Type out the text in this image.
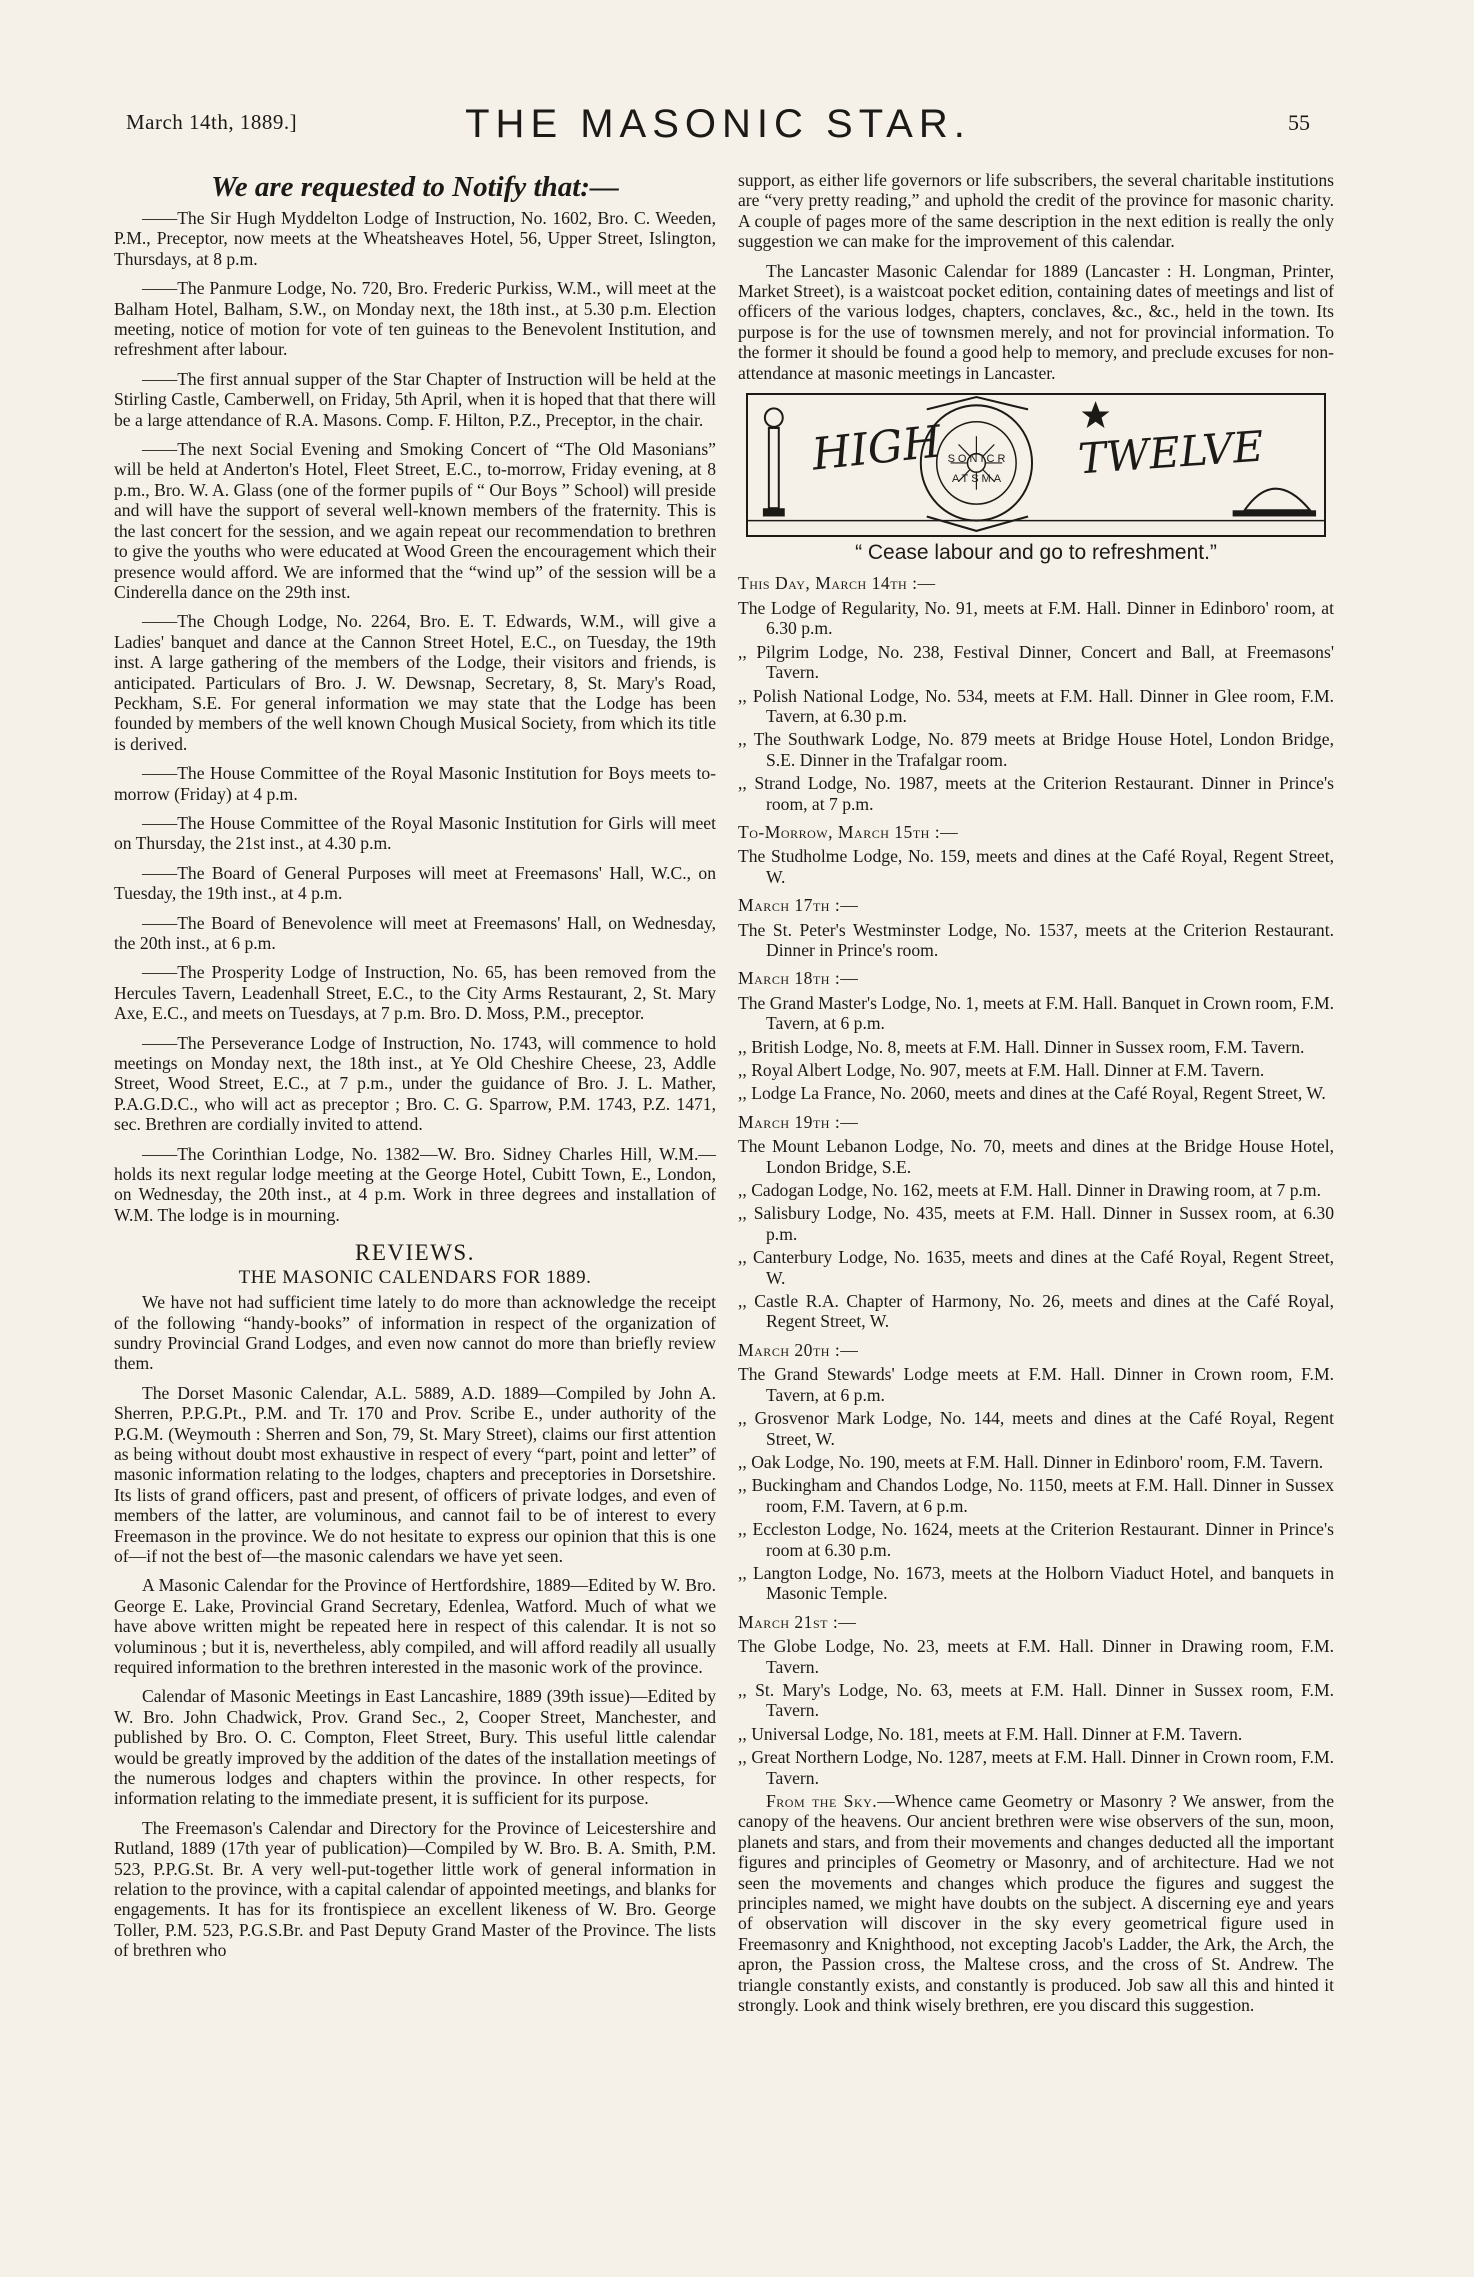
March 14th, 1889.]	THE MASONIC STAR.	55
We are requested to Notify that:—

——The Sir Hugh Myddelton Lodge of Instruction, No. 1602, Bro. C. Weeden, P.M., Preceptor, now meets at the Wheatsheaves Hotel, 56, Upper Street, Islington, Thursdays, at 8 p.m.

——The Panmure Lodge, No. 720, Bro. Frederic Purkiss, W.M., will meet at the Balham Hotel, Balham, S.W., on Monday next, the 18th inst., at 5.30 p.m. Election meeting, notice of motion for vote of ten guineas to the Benevolent Institution, and refreshment after labour.

——The first annual supper of the Star Chapter of Instruction will be held at the Stirling Castle, Camberwell, on Friday, 5th April, when it is hoped that that there will be a large attendance of R.A. Masons. Comp. F. Hilton, P.Z., Preceptor, in the chair.

——The next Social Evening and Smoking Concert of “The Old Masonians” will be held at Anderton's Hotel, Fleet Street, E.C., to-morrow, Friday evening, at 8 p.m., Bro. W. A. Glass (one of the former pupils of “ Our Boys ” School) will preside and will have the support of several well-known members of the fraternity. This is the last concert for the session, and we again repeat our recommendation to brethren to give the youths who were educated at Wood Green the encouragement which their presence would afford. We are informed that the “wind up” of the session will be a Cinderella dance on the 29th inst.

——The Chough Lodge, No. 2264, Bro. E. T. Edwards, W.M., will give a Ladies' banquet and dance at the Cannon Street Hotel, E.C., on Tuesday, the 19th inst. A large gathering of the members of the Lodge, their visitors and friends, is anticipated. Particulars of Bro. J. W. Dewsnap, Secretary, 8, St. Mary's Road, Peckham, S.E. For general information we may state that the Lodge has been founded by members of the well known Chough Musical Society, from which its title is derived.

——The House Committee of the Royal Masonic Institution for Boys meets to-morrow (Friday) at 4 p.m.

——The House Committee of the Royal Masonic Institution for Girls will meet on Thursday, the 21st inst., at 4.30 p.m.

——The Board of General Purposes will meet at Freemasons' Hall, W.C., on Tuesday, the 19th inst., at 4 p.m.

——The Board of Benevolence will meet at Freemasons' Hall, on Wednesday, the 20th inst., at 6 p.m.

——The Prosperity Lodge of Instruction, No. 65, has been removed from the Hercules Tavern, Leadenhall Street, E.C., to the City Arms Restaurant, 2, St. Mary Axe, E.C., and meets on Tuesdays, at 7 p.m. Bro. D. Moss, P.M., preceptor.

——The Perseverance Lodge of Instruction, No. 1743, will commence to hold meetings on Monday next, the 18th inst., at Ye Old Cheshire Cheese, 23, Addle Street, Wood Street, E.C., at 7 p.m., under the guidance of Bro. J. L. Mather, P.A.G.D.C., who will act as preceptor ; Bro. C. G. Sparrow, P.M. 1743, P.Z. 1471, sec. Brethren are cordially invited to attend.

——The Corinthian Lodge, No. 1382—W. Bro. Sidney Charles Hill, W.M.—holds its next regular lodge meeting at the George Hotel, Cubitt Town, E., London, on Wednesday, the 20th inst., at 4 p.m. Work in three degrees and installation of W.M. The lodge is in mourning.

REVIEWS.
THE MASONIC CALENDARS FOR 1889.

We have not had sufficient time lately to do more than acknowledge the receipt of the following “handy-books” of information in respect of the organization of sundry Provincial Grand Lodges, and even now cannot do more than briefly review them.

The Dorset Masonic Calendar, A.L. 5889, A.D. 1889—Compiled by John A. Sherren, P.P.G.Pt., P.M. and Tr. 170 and Prov. Scribe E., under authority of the P.G.M. (Weymouth : Sherren and Son, 79, St. Mary Street), claims our first attention as being without doubt most exhaustive in respect of every “part, point and letter” of masonic information relating to the lodges, chapters and preceptories in Dorsetshire. Its lists of grand officers, past and present, of officers of private lodges, and even of members of the latter, are voluminous, and cannot fail to be of interest to every Freemason in the province. We do not hesitate to express our opinion that this is one of—if not the best of—the masonic calendars we have yet seen.

A Masonic Calendar for the Province of Hertfordshire, 1889—Edited by W. Bro. George E. Lake, Provincial Grand Secretary, Edenlea, Watford. Much of what we have above written might be repeated here in respect of this calendar. It is not so voluminous ; but it is, nevertheless, ably compiled, and will afford readily all usually required information to the brethren interested in the masonic work of the province.

Calendar of Masonic Meetings in East Lancashire, 1889 (39th issue)—Edited by W. Bro. John Chadwick, Prov. Grand Sec., 2, Cooper Street, Manchester, and published by Bro. O. C. Compton, Fleet Street, Bury. This useful little calendar would be greatly improved by the addition of the dates of the installation meetings of the numerous lodges and chapters within the province. In other respects, for information relating to the immediate present, it is sufficient for its purpose.

The Freemason's Calendar and Directory for the Province of Leicestershire and Rutland, 1889 (17th year of publication)—Compiled by W. Bro. B. A. Smith, P.M. 523, P.P.G.St. Br. A very well-put-together little work of general information in relation to the province, with a capital calendar of appointed meetings, and blanks for engagements. It has for its frontispiece an excellent likeness of W. Bro. George Toller, P.M. 523, P.G.S.Br. and Past Deputy Grand Master of the Province. The lists of brethren who

support, as either life governors or life subscribers, the several charitable institutions are “very pretty reading,” and uphold the credit of the province for masonic charity. A couple of pages more of the same description in the next edition is really the only suggestion we can make for the improvement of this calendar.

The Lancaster Masonic Calendar for 1889 (Lancaster : H. Longman, Printer, Market Street), is a waistcoat pocket edition, containing dates of meetings and list of officers of the various lodges, chapters, conclaves, &c., &c., held in the town. Its purpose is for the use of townsmen merely, and not for provincial information. To the former it should be found a good help to memory, and preclude excuses for non-attendance at masonic meetings in Lancaster.

HIGH SONICR
ATSMA TWELVE
“ Cease labour and go to refreshment.”
This Day, March 14th :—
The Lodge of Regularity, No. 91, meets at F.M. Hall. Dinner in Edinboro' room, at 6.30 p.m.
,, Pilgrim Lodge, No. 238, Festival Dinner, Concert and Ball, at Freemasons' Tavern.
,, Polish National Lodge, No. 534, meets at F.M. Hall. Dinner in Glee room, F.M. Tavern, at 6.30 p.m.
,, The Southwark Lodge, No. 879 meets at Bridge House Hotel, London Bridge, S.E. Dinner in the Trafalgar room.
,, Strand Lodge, No. 1987, meets at the Criterion Restaurant. Dinner in Prince's room, at 7 p.m.
To-Morrow, March 15th :—
The Studholme Lodge, No. 159, meets and dines at the Café Royal, Regent Street, W.
March 17th :—
The St. Peter's Westminster Lodge, No. 1537, meets at the Criterion Restaurant. Dinner in Prince's room.
March 18th :—
The Grand Master's Lodge, No. 1, meets at F.M. Hall. Banquet in Crown room, F.M. Tavern, at 6 p.m.
,, British Lodge, No. 8, meets at F.M. Hall. Dinner in Sussex room, F.M. Tavern.
,, Royal Albert Lodge, No. 907, meets at F.M. Hall. Dinner at F.M. Tavern.
,, Lodge La France, No. 2060, meets and dines at the Café Royal, Regent Street, W.
March 19th :—
The Mount Lebanon Lodge, No. 70, meets and dines at the Bridge House Hotel, London Bridge, S.E.
,, Cadogan Lodge, No. 162, meets at F.M. Hall. Dinner in Drawing room, at 7 p.m.
,, Salisbury Lodge, No. 435, meets at F.M. Hall. Dinner in Sussex room, at 6.30 p.m.
,, Canterbury Lodge, No. 1635, meets and dines at the Café Royal, Regent Street, W.
,, Castle R.A. Chapter of Harmony, No. 26, meets and dines at the Café Royal, Regent Street, W.
March 20th :—
The Grand Stewards' Lodge meets at F.M. Hall. Dinner in Crown room, F.M. Tavern, at 6 p.m.
,, Grosvenor Mark Lodge, No. 144, meets and dines at the Café Royal, Regent Street, W.
,, Oak Lodge, No. 190, meets at F.M. Hall. Dinner in Edinboro' room, F.M. Tavern.
,, Buckingham and Chandos Lodge, No. 1150, meets at F.M. Hall. Dinner in Sussex room, F.M. Tavern, at 6 p.m.
,, Eccleston Lodge, No. 1624, meets at the Criterion Restaurant. Dinner in Prince's room at 6.30 p.m.
,, Langton Lodge, No. 1673, meets at the Holborn Viaduct Hotel, and banquets in Masonic Temple.
March 21st :—
The Globe Lodge, No. 23, meets at F.M. Hall. Dinner in Drawing room, F.M. Tavern.
,, St. Mary's Lodge, No. 63, meets at F.M. Hall. Dinner in Sussex room, F.M. Tavern.
,, Universal Lodge, No. 181, meets at F.M. Hall. Dinner at F.M. Tavern.
,, Great Northern Lodge, No. 1287, meets at F.M. Hall. Dinner in Crown room, F.M. Tavern.

From the Sky.—Whence came Geometry or Masonry ? We answer, from the canopy of the heavens. Our ancient brethren were wise observers of the sun, moon, planets and stars, and from their movements and changes deducted all the important figures and principles of Geometry or Masonry, and of architecture. Had we not seen the movements and changes which produce the figures and suggest the principles named, we might have doubts on the subject. A discerning eye and years of observation will discover in the sky every geometrical figure used in Freemasonry and Knighthood, not excepting Jacob's Ladder, the Ark, the Arch, the apron, the Passion cross, the Maltese cross, and the cross of St. Andrew. The triangle constantly exists, and constantly is produced. Job saw all this and hinted it strongly. Look and think wisely brethren, ere you discard this suggestion.
